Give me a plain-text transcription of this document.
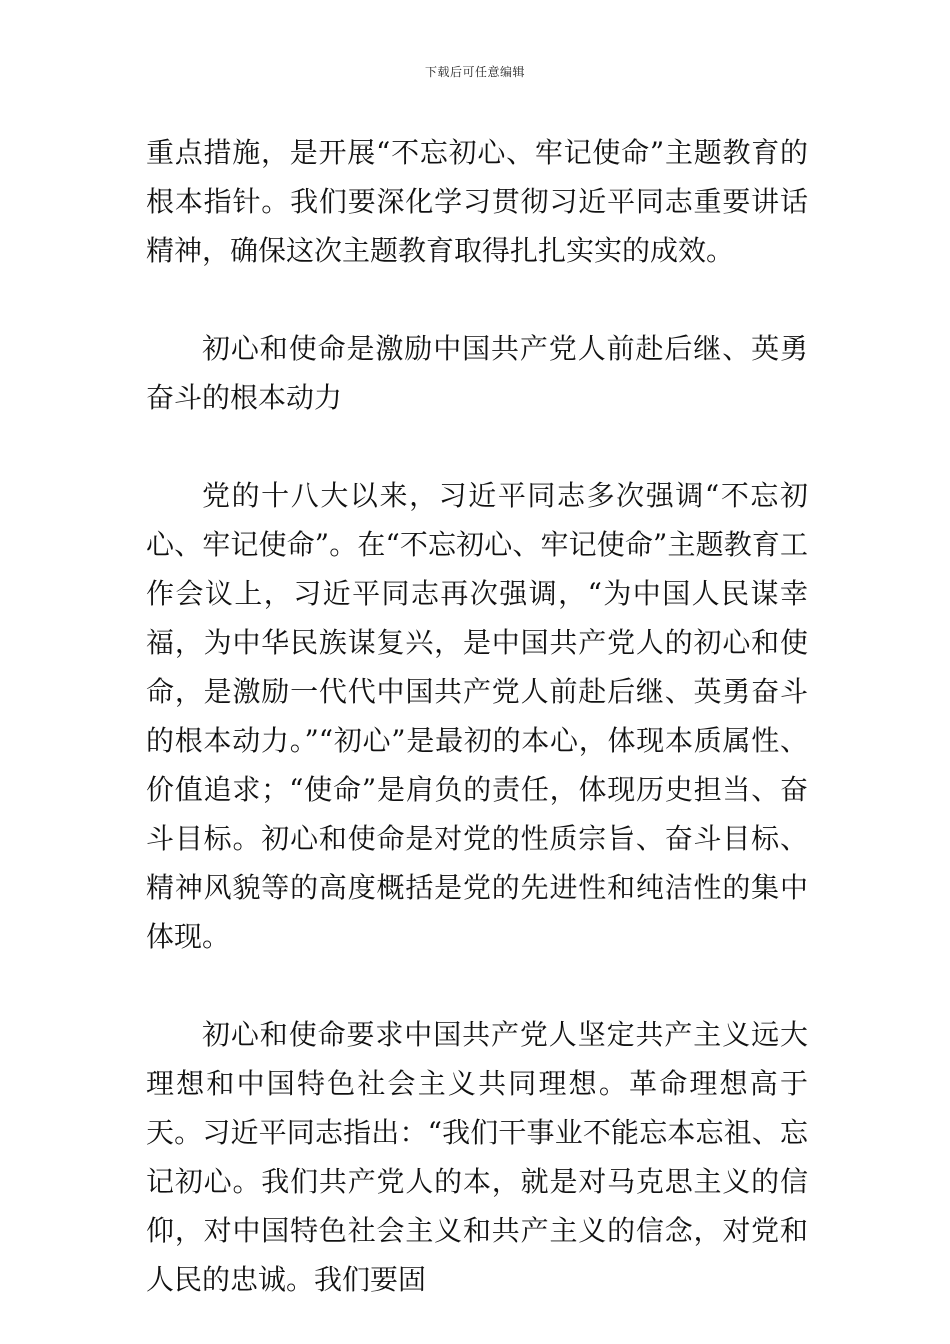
下载后可任意编辑

重点措施，是开展“不忘初心、牢记使命”主题教育的根本指针。我们要深化学习贯彻习近平同志重要讲话精神，确保这次主题教育取得扎扎实实的成效。

初心和使命是激励中国共产党人前赴后继、英勇奋斗的根本动力

党的十八大以来，习近平同志多次强调“不忘初心、牢记使命”。在“不忘初心、牢记使命”主题教育工作会议上，习近平同志再次强调，“为中国人民谋幸福，为中华民族谋复兴，是中国共产党人的初心和使命，是激励一代代中国共产党人前赴后继、英勇奋斗的根本动力。”“初心”是最初的本心，体现本质属性、价值追求；“使命”是肩负的责任，体现历史担当、奋斗目标。初心和使命是对党的性质宗旨、奋斗目标、精神风貌等的高度概括是党的先进性和纯洁性的集中体现。

初心和使命要求中国共产党人坚定共产主义远大理想和中国特色社会主义共同理想。革命理想高于天。习近平同志指出：“我们干事业不能忘本忘祖、忘记初心。我们共产党人的本，就是对马克思主义的信仰，对中国特色社会主义和共产主义的信念，对党和人民的忠诚。我们要固
